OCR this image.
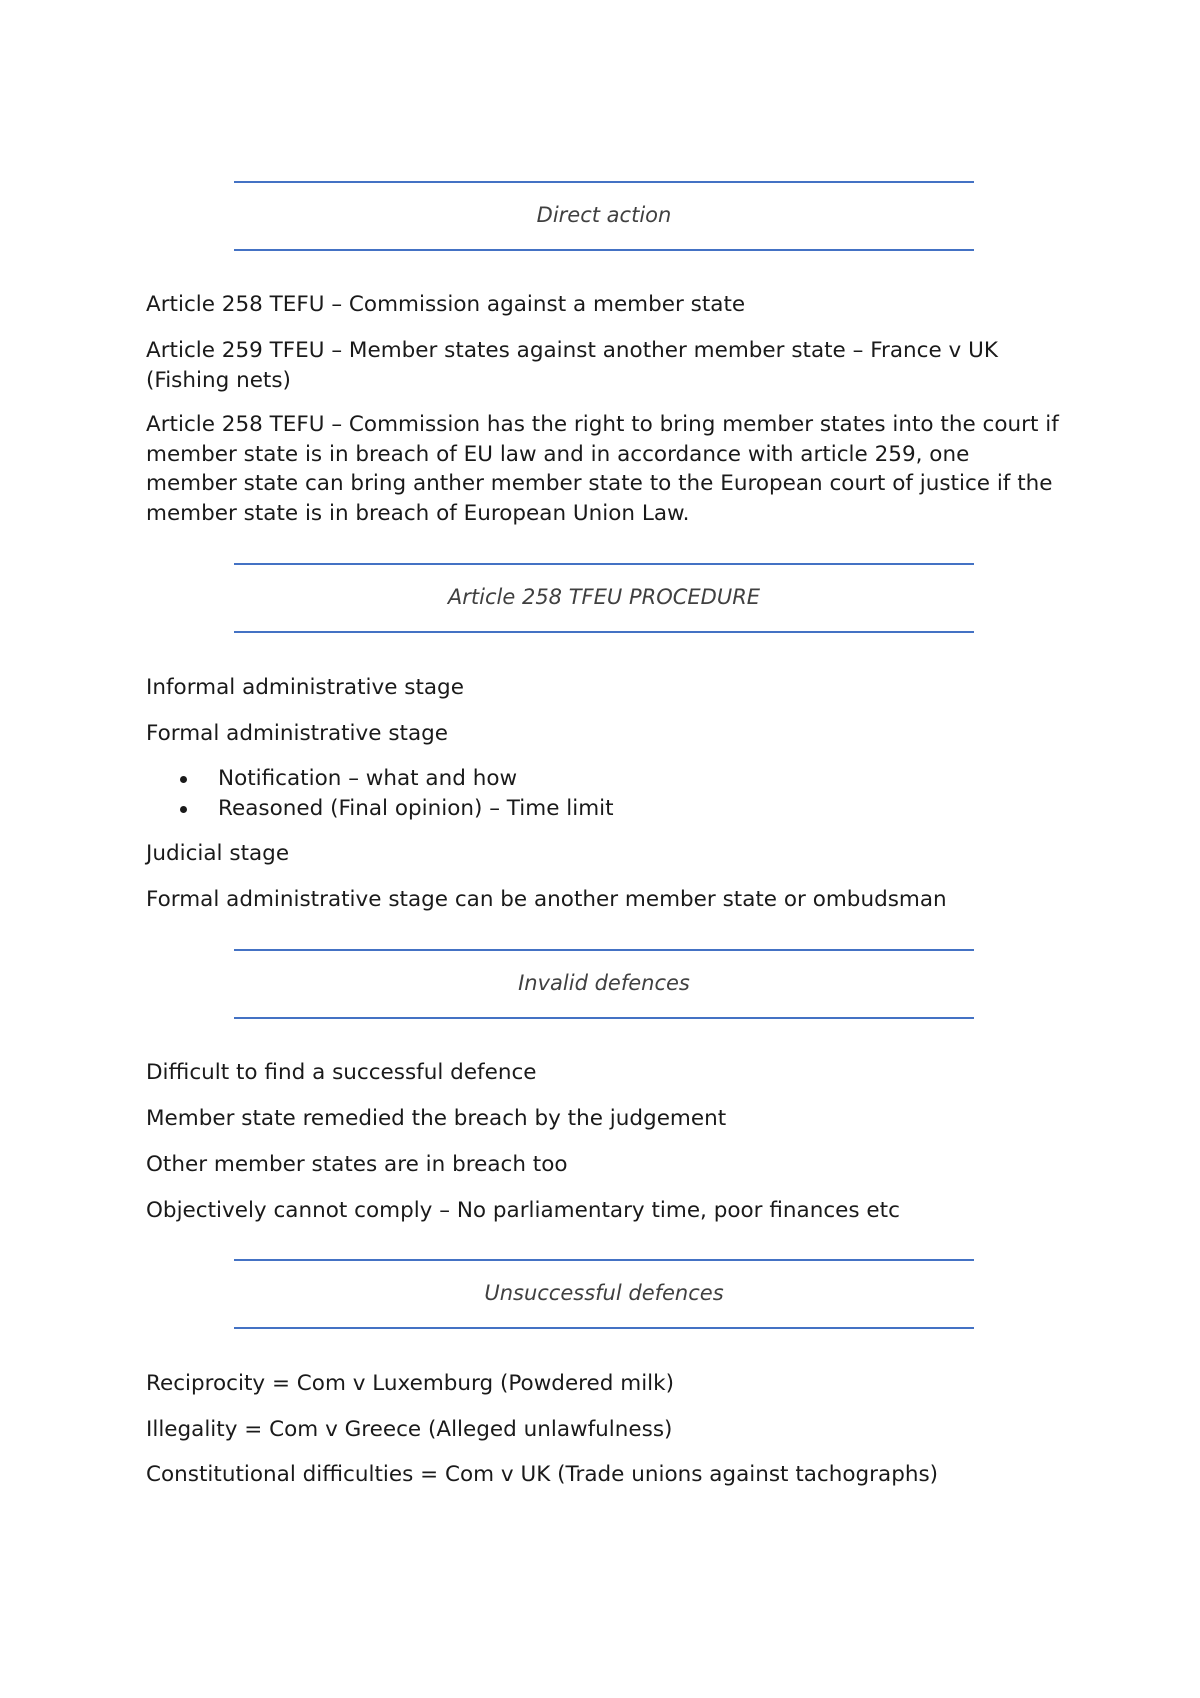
Direct action

Article 258 TEFU – Commission against a member state

Article 259 TFEU – Member states against another member state – France v UK (Fishing nets)

Article 258 TEFU – Commission has the right to bring member states into the court if member state is in breach of EU law and in accordance with article 259, one member state can bring anther member state to the European court of justice if the member state is in breach of European Union Law.

Article 258 TFEU PROCEDURE

Informal administrative stage

Formal administrative stage

Notification – what and how
Reasoned (Final opinion) – Time limit

Judicial stage

Formal administrative stage can be another member state or ombudsman

Invalid defences

Difficult to find a successful defence

Member state remedied the breach by the judgement

Other member states are in breach too

Objectively cannot comply – No parliamentary time, poor finances etc

Unsuccessful defences

Reciprocity = Com v Luxemburg (Powdered milk)

Illegality = Com v Greece (Alleged unlawfulness)

Constitutional difficulties = Com v UK (Trade unions against tachographs)
